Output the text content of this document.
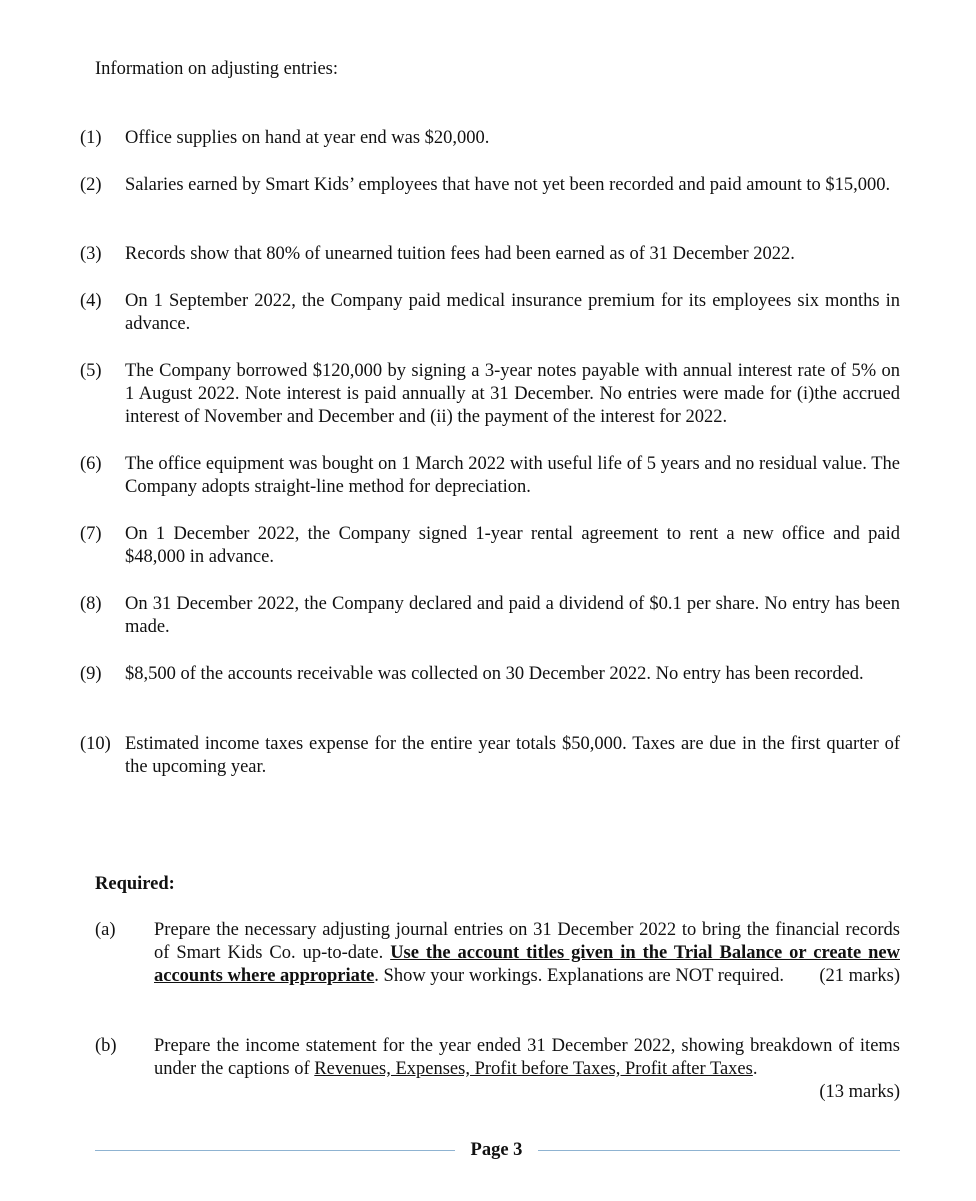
Information on adjusting entries:
(1) Office supplies on hand at year end was $20,000.
(2) Salaries earned by Smart Kids’ employees that have not yet been recorded and paid amount to $15,000.
(3) Records show that 80% of unearned tuition fees had been earned as of 31 December 2022.
(4) On 1 September 2022, the Company paid medical insurance premium for its employees six months in advance.
(5) The Company borrowed $120,000 by signing a 3-year notes payable with annual interest rate of 5% on 1 August 2022. Note interest is paid annually at 31 December. No entries were made for (i)the accrued interest of November and December and (ii) the payment of the interest for 2022.
(6) The office equipment was bought on 1 March 2022 with useful life of 5 years and no residual value. The Company adopts straight-line method for depreciation.
(7) On 1 December 2022, the Company signed 1-year rental agreement to rent a new office and paid $48,000 in advance.
(8) On 31 December 2022, the Company declared and paid a dividend of $0.1 per share. No entry has been made.
(9) $8,500 of the accounts receivable was collected on 30 December 2022. No entry has been recorded.
(10) Estimated income taxes expense for the entire year totals $50,000. Taxes are due in the first quarter of the upcoming year.
Required:
(a) Prepare the necessary adjusting journal entries on 31 December 2022 to bring the financial records of Smart Kids Co. up-to-date. Use the account titles given in the Trial Balance or create new accounts where appropriate. Show your workings. Explanations are NOT required.	(21 marks)
(b) Prepare the income statement for the year ended 31 December 2022, showing breakdown of items under the captions of Revenues, Expenses, Profit before Taxes, Profit after Taxes.
(13 marks)
Page 3
